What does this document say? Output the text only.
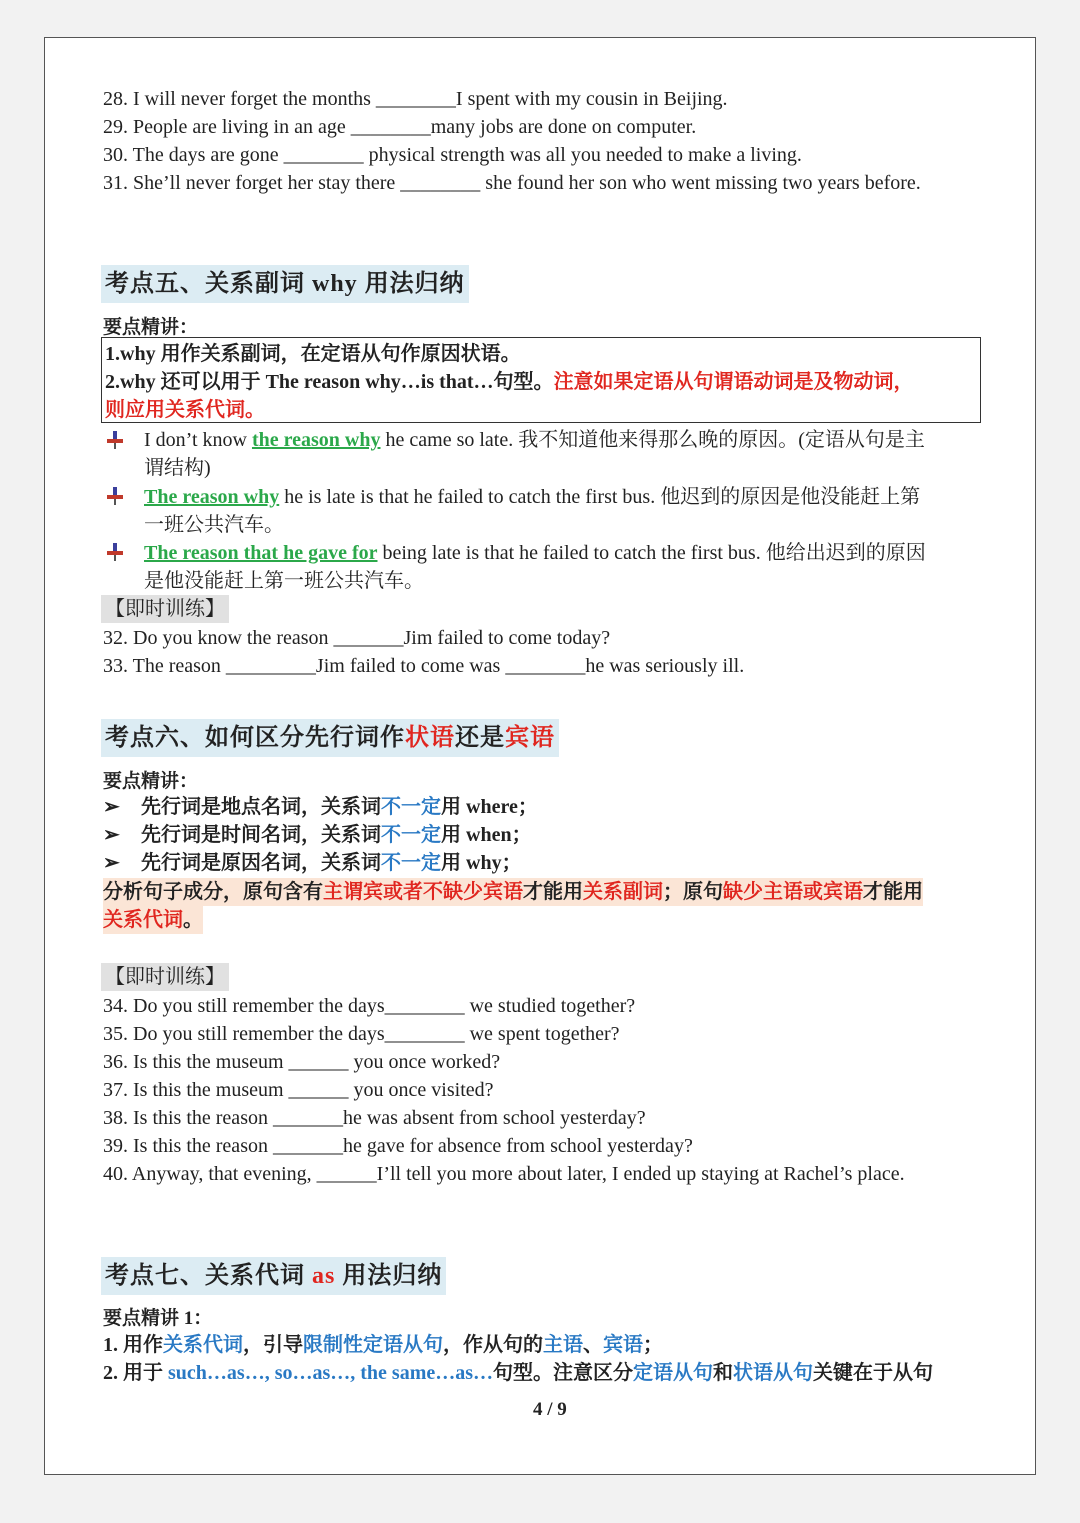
28. I will never forget the months ________I spent with my cousin in Beijing.
29. People are living in an age ________many jobs are done on computer.
30. The days are gone ________ physical strength was all you needed to make a living.
31. She’ll never forget her stay there ________ she found her son who went missing two years before.
考点五、关系副词 why 用法归纳
要点精讲：
1.why 用作关系副词，在定语从句作原因状语。
2.why 还可以用于 The reason why…is that…句型。注意如果定语从句谓语动词是及物动词，
则应用关系代词。
I don’t know the reason why he came so late. 我不知道他来得那么晚的原因。(定语从句是主
谓结构)
The reason why he is late is that he failed to catch the first bus. 他迟到的原因是他没能赶上第
一班公共汽车。
The reason that he gave for being late is that he failed to catch the first bus. 他给出迟到的原因
是他没能赶上第一班公共汽车。
【即时训练】
32. Do you know the reason _______Jim failed to come today?
33. The reason _________Jim failed to come was ________he was seriously ill.
考点六、如何区分先行词作状语还是宾语
要点精讲：
➢ 先行词是地点名词，关系词不一定用 where；
➢ 先行词是时间名词，关系词不一定用 when；
➢ 先行词是原因名词，关系词不一定用 why；
分析句子成分，原句含有主谓宾或者不缺少宾语才能用关系副词；原句缺少主语或宾语才能用
关系代词。
【即时训练】
34. Do you still remember the days________ we studied together?
35. Do you still remember the days________ we spent together?
36. Is this the museum ______ you once worked?
37. Is this the museum ______ you once visited?
38. Is this the reason _______he was absent from school yesterday?
39. Is this the reason _______he gave for absence from school yesterday?
40. Anyway, that evening, ______I’ll tell you more about later, I ended up staying at Rachel’s place.
考点七、关系代词 as 用法归纳
要点精讲 1：
1. 用作关系代词，引导限制性定语从句，作从句的主语、宾语；
2. 用于 such…as…, so…as…, the same…as…句型。注意区分定语从句和状语从句关键在于从句
4 / 9
